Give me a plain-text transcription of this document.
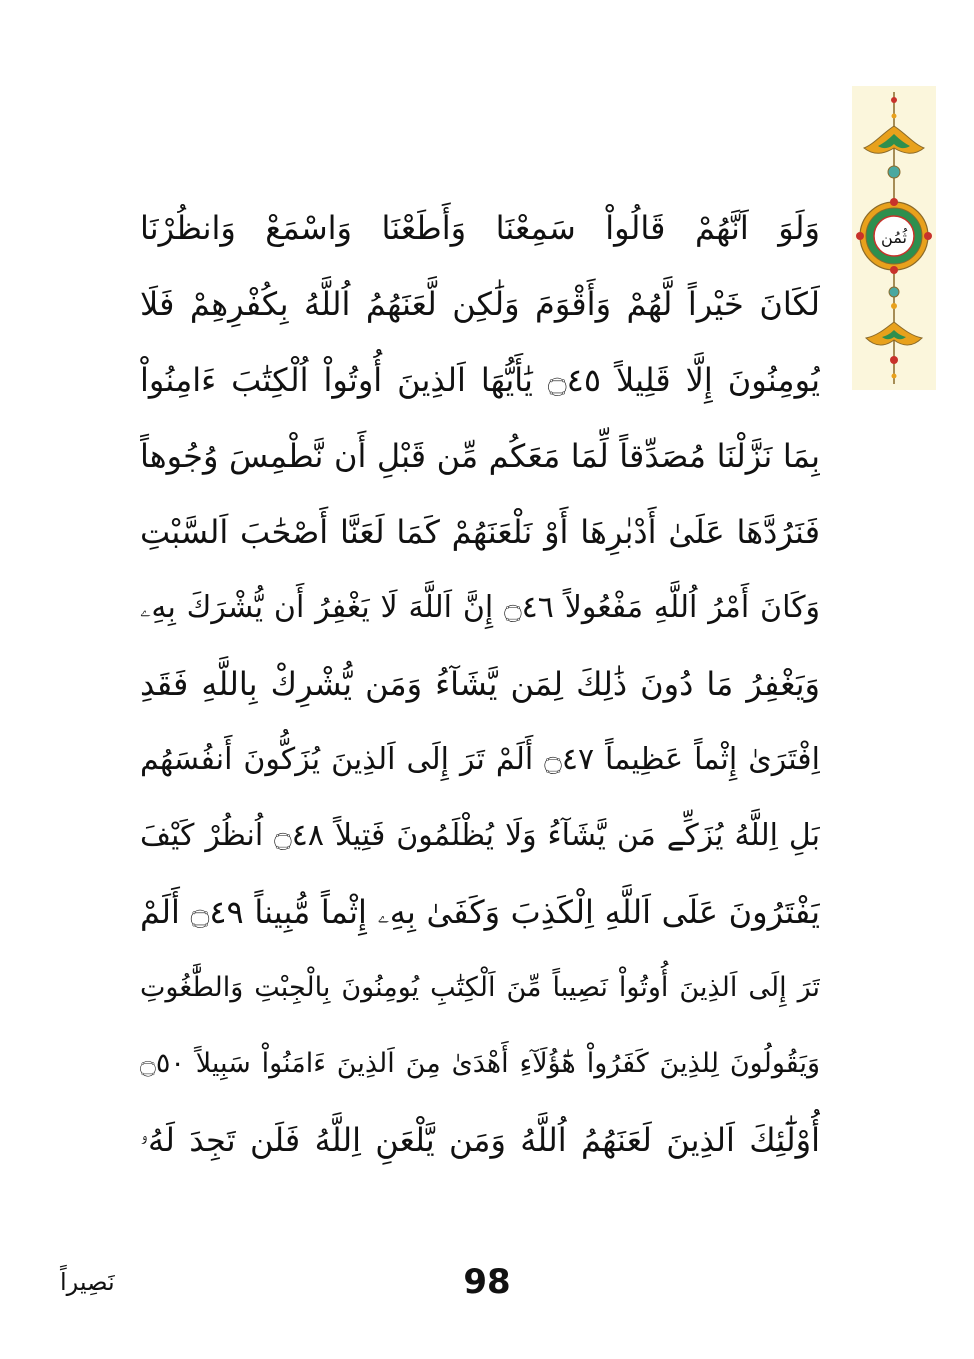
ثُمُن
وَلَوَ اَنَّهُمْ قَالُواْ سَمِعْنَا وَأَطَعْنَا وَاسْمَعْ وَانظُرْنَا
لَكَانَ خَيْراً لَّهُمْ وَأَقْوَمَ وَلَٰكِن لَّعَنَهُمُ اُللَّهُ بِكُفْرِهِمْ فَلَا
يُومِنُونَ إِلَّا قَلِيلاً ۝٤٥ يَٰأَيُّهَا اَلذِينَ أُوتُواْ اُلْكِتَٰبَ ءَامِنُواْ
بِمَا نَزَّلْنَا مُصَدِّقاً لِّمَا مَعَكُم مِّن قَبْلِ أَن نَّطْمِسَ وُجُوهاً
فَنَرُدَّهَا عَلَىٰ أَدْبٰرِهَا أَوْ نَلْعَنَهُمْ كَمَا لَعَنَّا أَصْحَٰبَ اَلسَّبْتِ
وَكَانَ أَمْرُ اُللَّهِ مَفْعُولاً ۝٤٦ إِنَّ اَللَّهَ لَا يَغْفِرُ أَن يُّشْرَكَ بِهِۦ
وَيَغْفِرُ مَا دُونَ ذَٰلِكَ لِمَن يَّشَآءُ وَمَن يُّشْرِكْ بِاللَّهِ فَقَدِ
اِفْتَرَىٰ إِثْماً عَظِيماً ۝٤٧ أَلَمْ تَرَ إِلَى اَلذِينَ يُزَكُّونَ أَنفُسَهُم
بَلِ اِللَّهُ يُزَكِّے مَن يَّشَآءُ وَلَا يُظْلَمُونَ فَتِيلاً ۝٤٨ اُنظُرْ كَيْفَ
يَفْتَرُونَ عَلَى اَللَّهِ اِلْكَذِبَ وَكَفَىٰ بِهِۦ إِثْماً مُّبِيناً ۝٤٩ أَلَمْ
تَرَ إِلَى اَلذِينَ أُوتُواْ نَصِيباً مِّنَ اَلْكِتَٰبِ يُومِنُونَ بِالْجِبْتِ وَالطَّٰغُوتِ
وَيَقُولُونَ لِلذِينَ كَفَرُواْ هَٰٓؤُلَآءِ أَهْدَىٰ مِنَ اَلذِينَ ءَامَنُواْ سَبِيلاً ۝٥٠
أُوْلَٰٓئِكَ اَلذِينَ لَعَنَهُمُ اُللَّهُ وَمَن يَّلْعَنِ اِللَّهُ فَلَن تَجِدَ لَهُۥ
نَصِيراً	98
